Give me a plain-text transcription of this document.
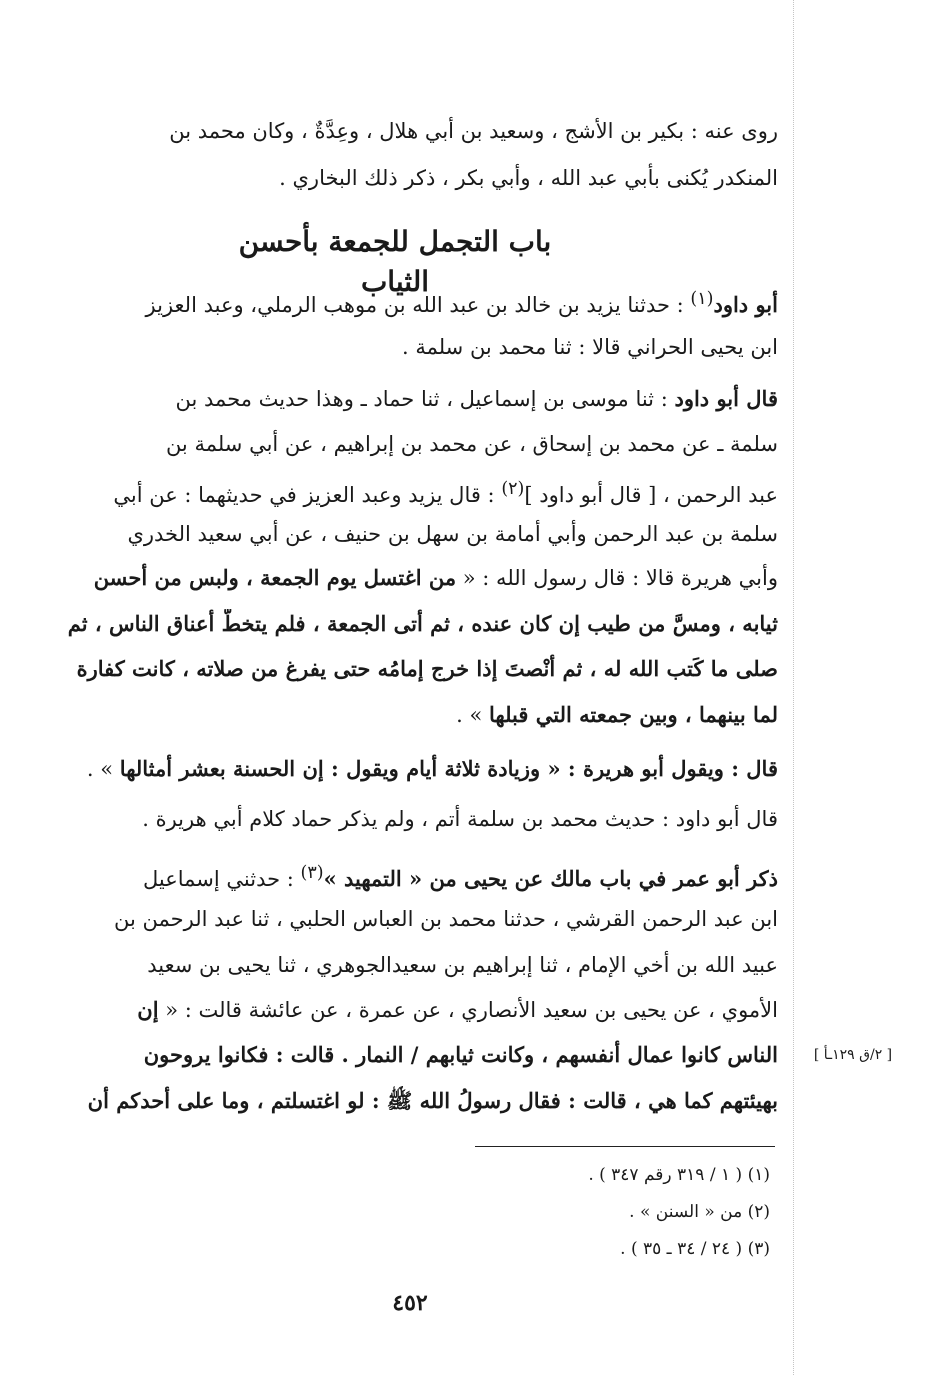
روى عنه : بكير بن الأشج ، وسعيد بن أبي هلال ، وعِدَّةٌ ، وكان محمد بن
المنكدر يُكنى بأبي عبد الله ، وأبي بكر ، ذكر ذلك البخاري .
باب التجمل للجمعة بأحسن الثياب
أبو داود$^{(١)}$ : حدثنا يزيد بن خالد بن عبد الله بن موهب الرملي، وعبد العزيز
ابن يحيى الحراني قالا : ثنا محمد بن سلمة .
قال أبو داود : ثنا موسى بن إسماعيل ، ثنا حماد ـ وهذا حديث محمد بن
سلمة ـ عن محمد بن إسحاق ، عن محمد بن إبراهيم ، عن أبي سلمة بن
عبد الرحمن ، [ قال أبو داود ]$^{(٢)}$ : قال يزيد وعبد العزيز في حديثهما : عن أبي
سلمة بن عبد الرحمن وأبي أمامة بن سهل بن حنيف ، عن أبي سعيد الخدري
وأبي هريرة قالا : قال رسول الله : « من اغتسل يوم الجمعة ، ولبس من أحسن
ثيابه ، ومسَّ من طيب إن كان عنده ، ثم أتى الجمعة ، فلم يتخطَّ أعناق الناس ، ثم
صلى ما كَتب الله له ، ثم أنْصتَ إذا خرج إمامُه حتى يفرغ من صلاته ، كانت كفارة
لما بينهما ، وبين جمعته التي قبلها » .
قال : ويقول أبو هريرة : « وزيادة ثلاثة أيام ويقول : إن الحسنة بعشر أمثالها » .
قال أبو داود : حديث محمد بن سلمة أتم ، ولم يذكر حماد كلام أبي هريرة .
ذكر أبو عمر في باب مالك عن يحيى من « التمهيد »$^{(٣)}$ : حدثني إسماعيل
ابن عبد الرحمن القرشي ، حدثنا محمد بن العباس الحلبي ، ثنا عبد الرحمن بن
عبيد الله بن أخي الإمام ، ثنا إبراهيم بن سعيدالجوهري ، ثنا يحيى بن سعيد
الأموي ، عن يحيى بن سعيد الأنصاري ، عن عمرة ، عن عائشة قالت : « إن
الناس كانوا عمال أنفسهم ، وكانت ثيابهم / النمار . قالت : فكانوا يروحون
بهيئتهم كما هي ، قالت : فقال رسولُ الله ﷺ : لو اغتسلتم ، وما على أحدكم أن
[ ٢/ق ١٢٩ـأ ]
(١) ( ١ / ٣١٩ رقم ٣٤٧ ) .
(٢) من « السنن » .
(٣) ( ٢٤ / ٣٤ ـ ٣٥ ) .
٤٥٢
